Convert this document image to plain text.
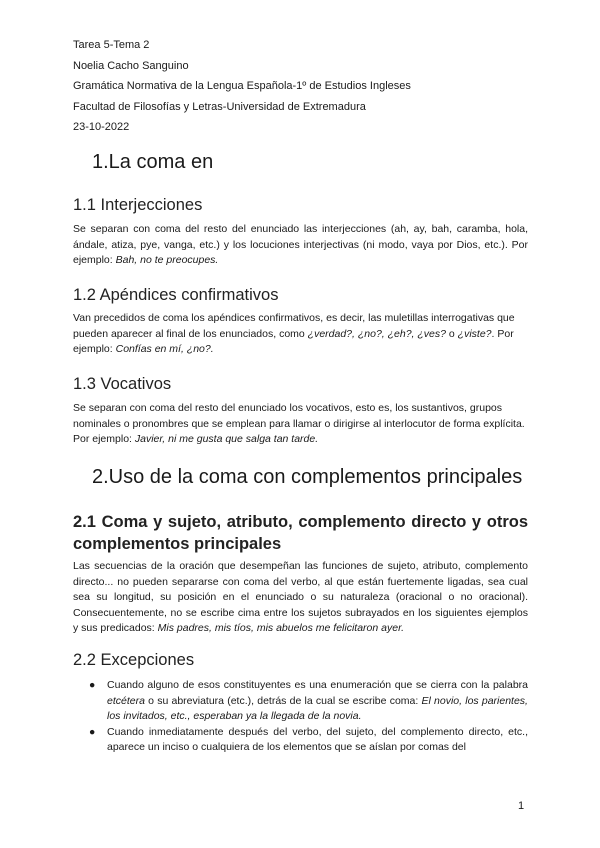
Tarea 5-Tema 2
Noelia Cacho Sanguino
Gramática Normativa de la Lengua Española-1º de Estudios Ingleses
Facultad de Filosofías y Letras-Universidad de Extremadura
23-10-2022
1.La coma en
1.1 Interjecciones

Se separan con coma del resto del enunciado las interjecciones (ah, ay, bah, caramba, hola, ándale, atiza, pye, vanga, etc.) y los locuciones interjectivas (ni modo, vaya por Dios, etc.). Por ejemplo: Bah, no te preocupes.

1.2 Apéndices confirmativos

Van precedidos de coma los apéndices confirmativos, es decir, las muletillas interrogativas que pueden aparecer al final de los enunciados, como ¿verdad?, ¿no?, ¿eh?, ¿ves? o ¿viste?. Por ejemplo: Confías en mí, ¿no?.

1.3 Vocativos

Se separan con coma del resto del enunciado los vocativos, esto es, los sustantivos, grupos nominales o pronombres que se emplean para llamar o dirigirse al interlocutor de forma explícita. Por ejemplo: Javier, ni me gusta que salga tan tarde.

2.Uso de la coma con complementos principales
2.1 Coma y sujeto, atributo, complemento directo y otros complementos principales

Las secuencias de la oración que desempeñan las funciones de sujeto, atributo, complemento directo... no pueden separarse con coma del verbo, al que están fuertemente ligadas, sea cual sea su longitud, su posición en el enunciado o su naturaleza (oracional o no oracional). Consecuentemente, no se escribe cima entre los sujetos subrayados en los siguientes ejemplos y sus predicados: Mis padres, mis tíos, mis abuelos me felicitaron ayer.

2.2 Excepciones
● Cuando alguno de esos constituyentes es una enumeración que se cierra con la palabra etcétera o su abreviatura (etc.), detrás de la cual se escribe coma: El novio, los parientes, los invitados, etc., esperaban ya la llegada de la novia.
● Cuando inmediatamente después del verbo, del sujeto, del complemento directo, etc., aparece un inciso o cualquiera de los elementos que se aíslan por comas del
1
